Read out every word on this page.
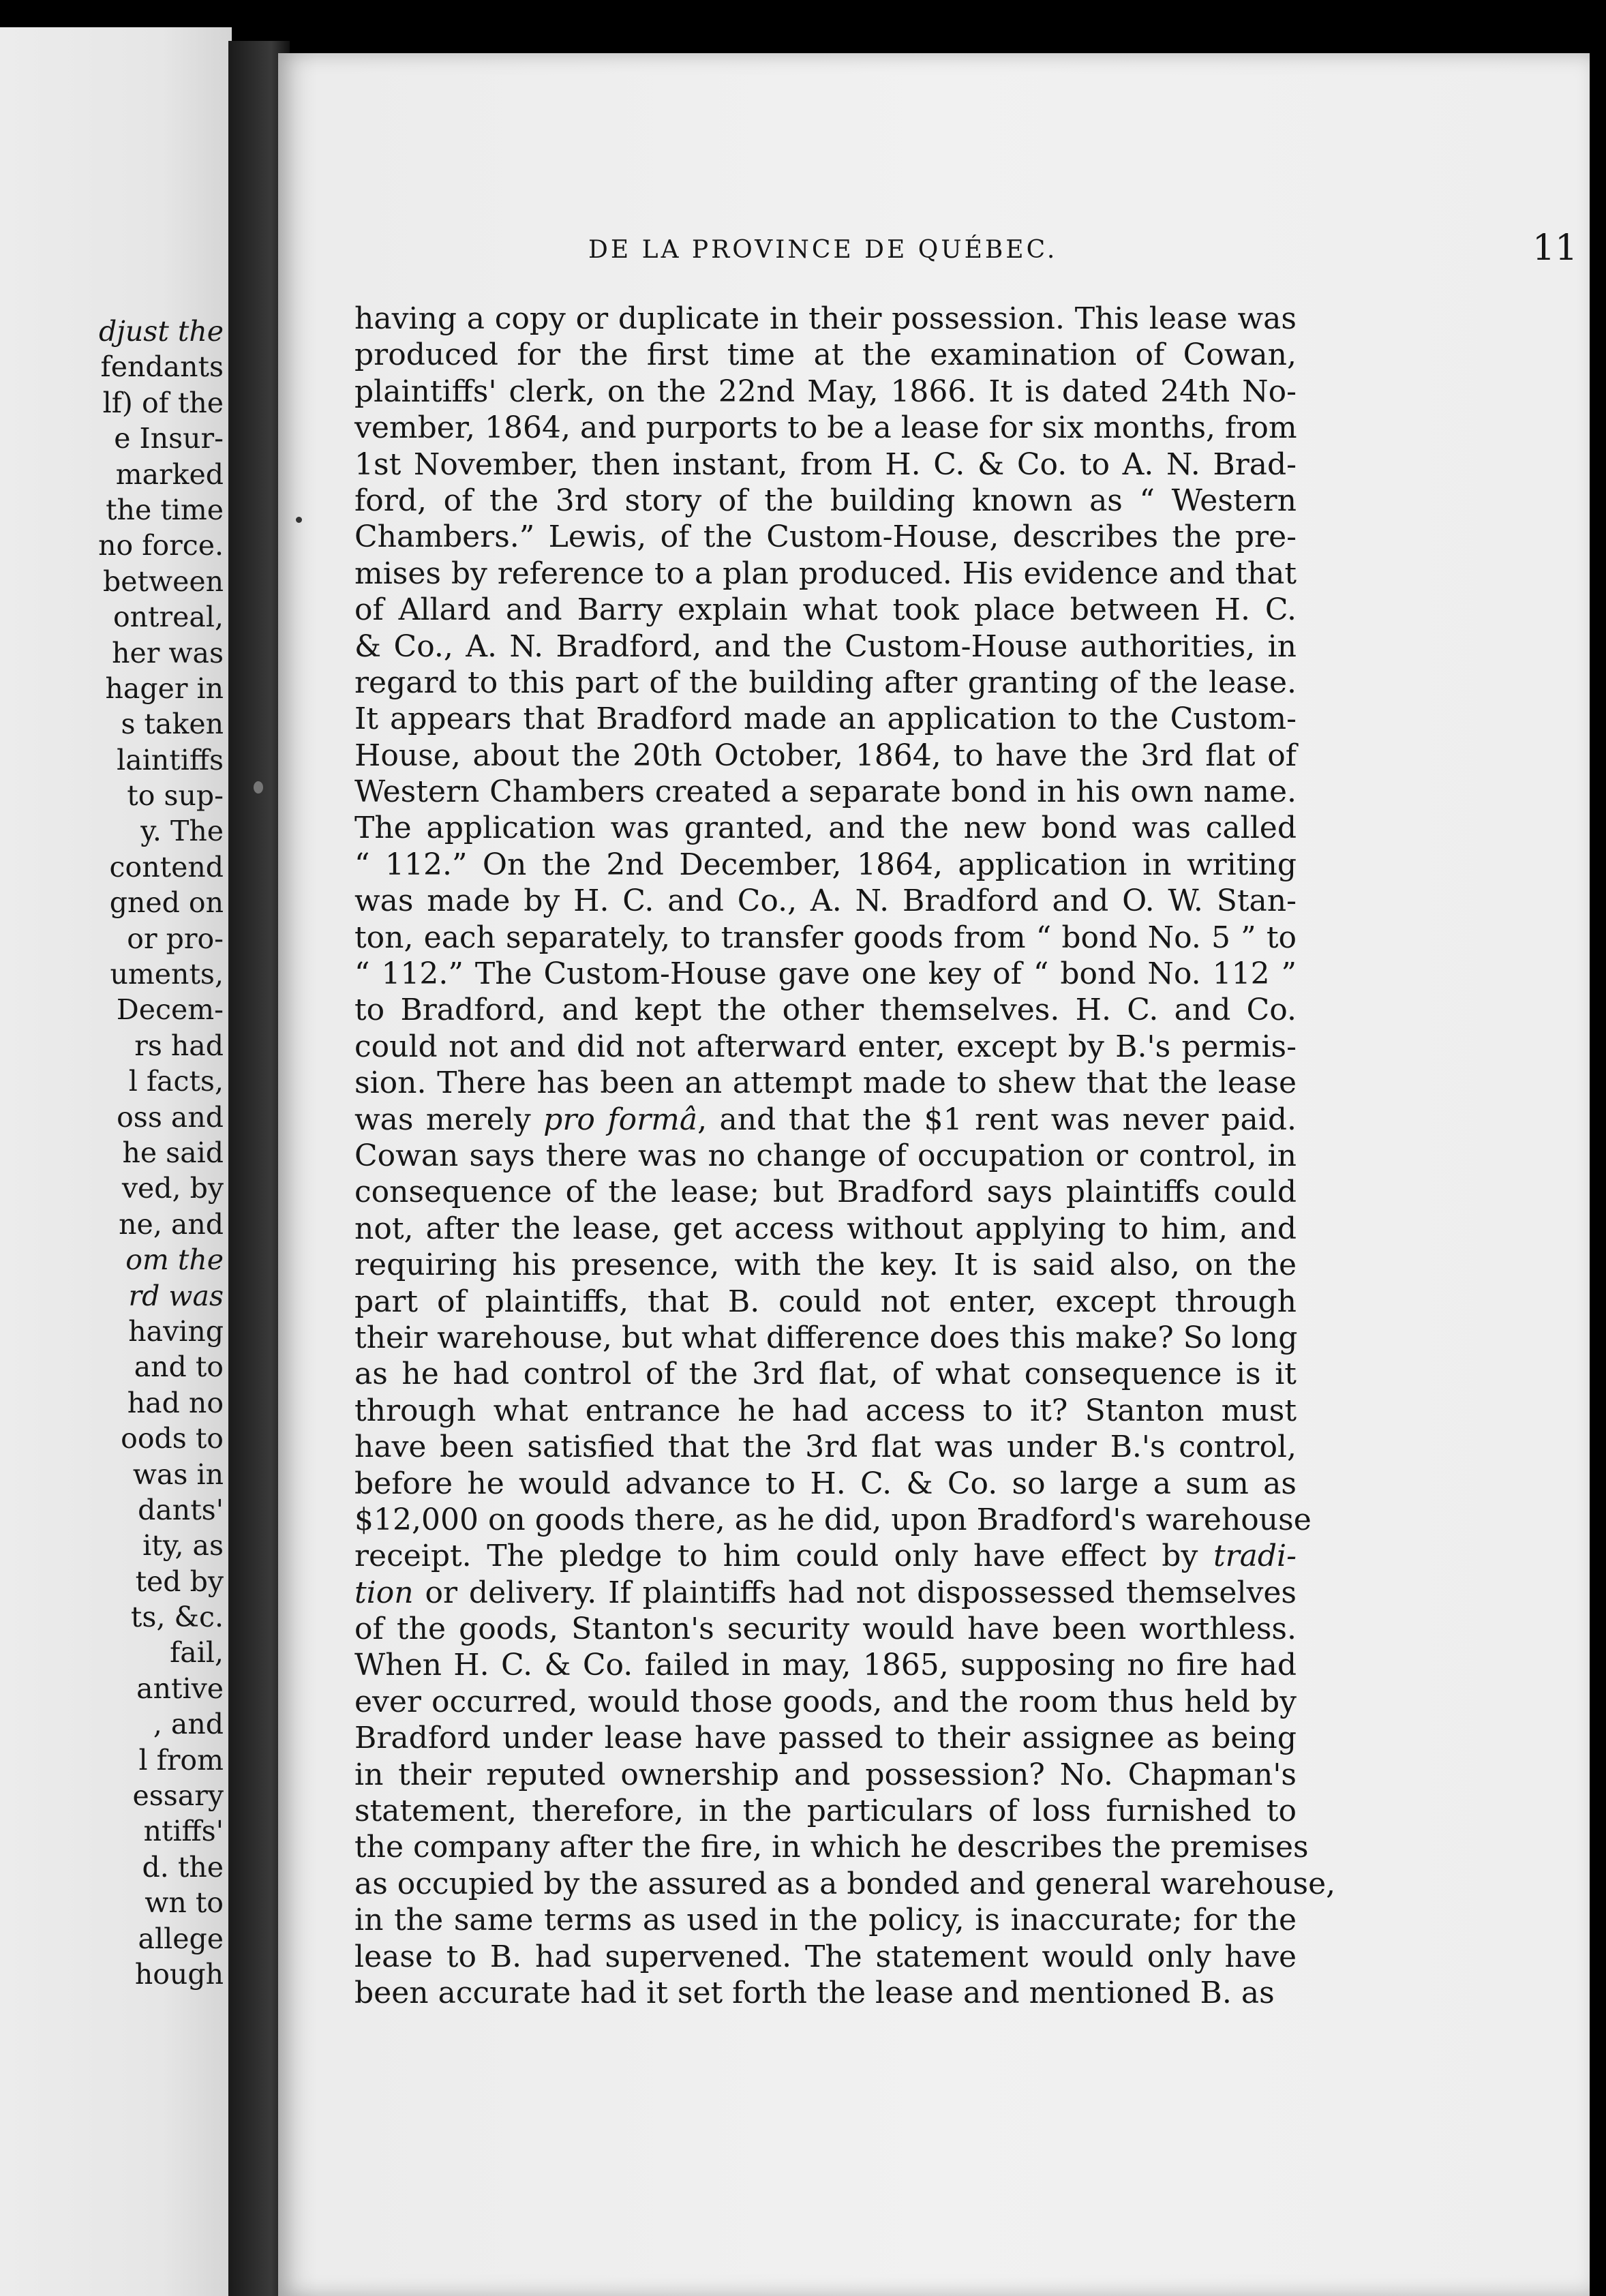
djust the
fendants
lf) of the
e Insur-
marked
the time
no force.
between
ontreal,
her was
hager in
s taken
laintiffs
to sup-
y. The
contend
gned on
or pro-
uments,
Decem-
rs had
l facts,
oss and
he said
ved, by
ne, and
om the
rd was
having
and to
had no
oods to
was in
dants'
ity, as
ted by
ts, &c.
fail,
antive
, and
l from
essary
ntiffs'
d. the
wn to
allege
hough
DE LA PROVINCE DE QUÉBEC.	11
having a copy or duplicate in their possession. This lease was
produced for the first time at the examination of Cowan,
plaintiffs' clerk, on the 22nd May, 1866. It is dated 24th No-
vember, 1864, and purports to be a lease for six months, from
1st November, then instant, from H. C. & Co. to A. N. Brad-
ford, of the 3rd story of the building known as “ Western
Chambers.” Lewis, of the Custom-House, describes the pre-
mises by reference to a plan produced. His evidence and that
of Allard and Barry explain what took place between H. C.
& Co., A. N. Bradford, and the Custom-House authorities, in
regard to this part of the building after granting of the lease.
It appears that Bradford made an application to the Custom-
House, about the 20th October, 1864, to have the 3rd flat of
Western Chambers created a separate bond in his own name.
The application was granted, and the new bond was called
“ 112.” On the 2nd December, 1864, application in writing
was made by H. C. and Co., A. N. Bradford and O. W. Stan-
ton, each separately, to transfer goods from “ bond No. 5 ” to
“ 112.” The Custom-House gave one key of “ bond No. 112 ”
to Bradford, and kept the other themselves. H. C. and Co.
could not and did not afterward enter, except by B.'s permis-
sion. There has been an attempt made to shew that the lease
was merely pro formâ, and that the $1 rent was never paid.
Cowan says there was no change of occupation or control, in
consequence of the lease; but Bradford says plaintiffs could
not, after the lease, get access without applying to him, and
requiring his presence, with the key. It is said also, on the
part of plaintiffs, that B. could not enter, except through
their warehouse, but what difference does this make? So long
as he had control of the 3rd flat, of what consequence is it
through what entrance he had access to it? Stanton must
have been satisfied that the 3rd flat was under B.'s control,
before he would advance to H. C. & Co. so large a sum as
$12,000 on goods there, as he did, upon Bradford's warehouse
receipt. The pledge to him could only have effect by tradi-
tion or delivery. If plaintiffs had not dispossessed themselves
of the goods, Stanton's security would have been worthless.
When H. C. & Co. failed in may, 1865, supposing no fire had
ever occurred, would those goods, and the room thus held by
Bradford under lease have passed to their assignee as being
in their reputed ownership and possession? No. Chapman's
statement, therefore, in the particulars of loss furnished to
the company after the fire, in which he describes the premises
as occupied by the assured as a bonded and general warehouse,
in the same terms as used in the policy, is inaccurate; for the
lease to B. had supervened. The statement would only have
been accurate had it set forth the lease and mentioned B. as
